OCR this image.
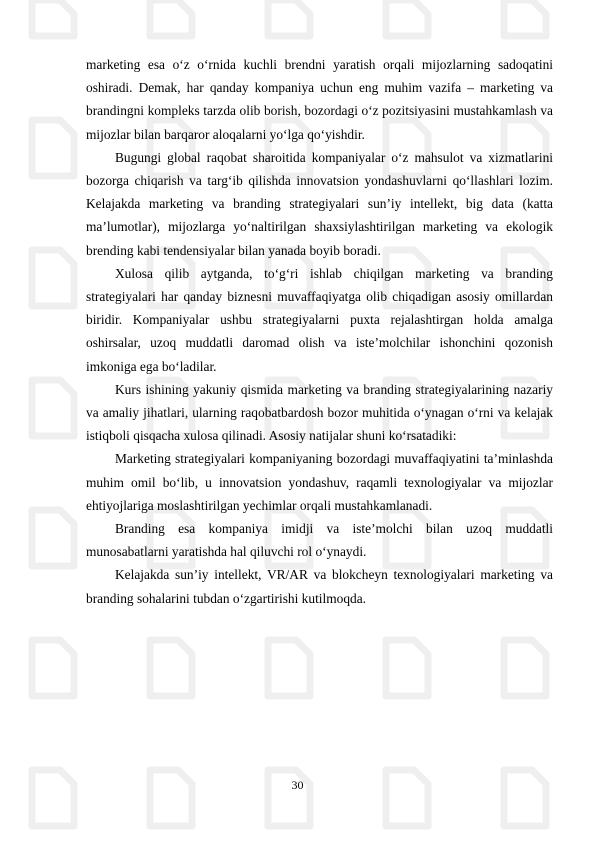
marketing esa o‘z o‘rnida kuchli brendni yaratish orqali mijozlarning sadoqatini oshiradi. Demak, har qanday kompaniya uchun eng muhim vazifa – marketing va brandingni kompleks tarzda olib borish, bozordagi o‘z pozitsiyasini mustahkamlash va mijozlar bilan barqaror aloqalarni yo‘lga qo‘yishdir.

Bugungi global raqobat sharoitida kompaniyalar o‘z mahsulot va xizmatlarini bozorga chiqarish va targ‘ib qilishda innovatsion yondashuvlarni qo‘llashlari lozim. Kelajakda marketing va branding strategiyalari sun’iy intellekt, big data (katta ma’lumotlar), mijozlarga yo‘naltirilgan shaxsiylashtirilgan marketing va ekologik brending kabi tendensiyalar bilan yanada boyib boradi.

Xulosa qilib aytganda, to‘g‘ri ishlab chiqilgan marketing va branding strategiyalari har qanday biznesni muvaffaqiyatga olib chiqadigan asosiy omillardan biridir. Kompaniyalar ushbu strategiyalarni puxta rejalashtirgan holda amalga oshirsalar, uzoq muddatli daromad olish va iste’molchilar ishonchini qozonish imkoniga ega bo‘ladilar.

Kurs ishining yakuniy qismida marketing va branding strategiyalarining nazariy va amaliy jihatlari, ularning raqobatbardosh bozor muhitida o‘ynagan o‘rni va kelajak istiqboli qisqacha xulosa qilinadi. Asosiy natijalar shuni ko‘rsatadiki:

Marketing strategiyalari kompaniyaning bozordagi muvaffaqiyatini ta’minlashda muhim omil bo‘lib, u innovatsion yondashuv, raqamli texnologiyalar va mijozlar ehtiyojlariga moslashtirilgan yechimlar orqali mustahkamlanadi.

Branding esa kompaniya imidji va iste’molchi bilan uzoq muddatli munosabatlarni yaratishda hal qiluvchi rol o‘ynaydi.

Kelajakda sun’iy intellekt, VR/AR va blokcheyn texnologiyalari marketing va branding sohalarini tubdan o‘zgartirishi kutilmoqda.

30
